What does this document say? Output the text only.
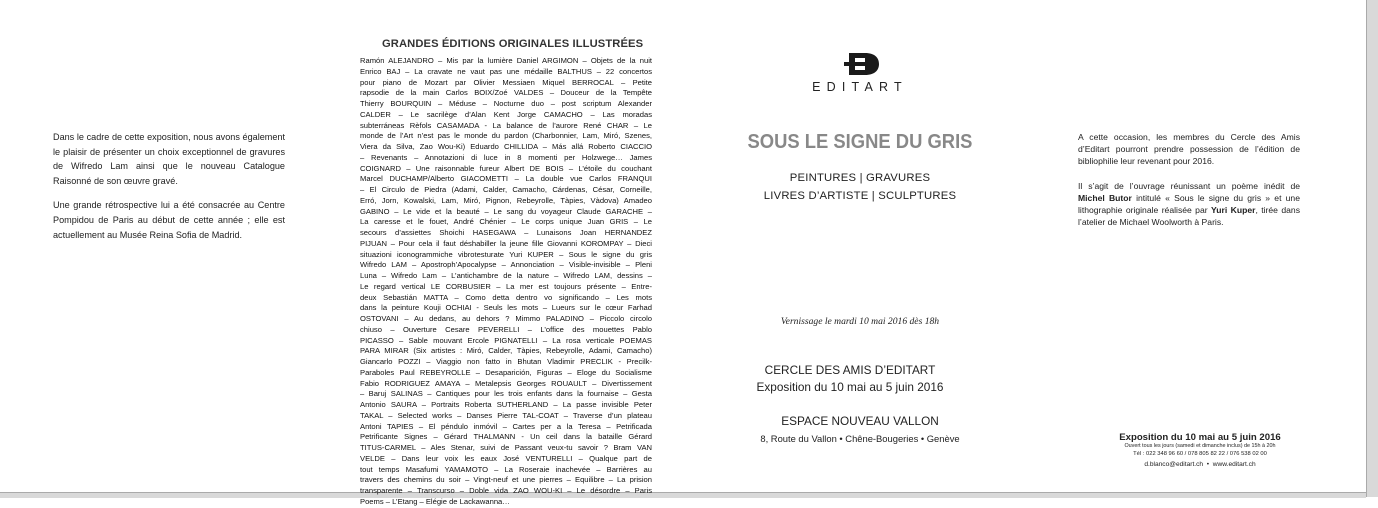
Dans le cadre de cette exposition, nous avons également le plaisir de présenter un choix exceptionnel de gravures de Wifredo Lam ainsi que le nouveau Catalogue Raisonné de son œuvre gravé.

Une grande rétrospective lui a été consacrée au Centre Pompidou de Paris au début de cette année ; elle est actuellement au Musée Reina Sofia de Madrid.

GRANDES ÉDITIONS ORIGINALES ILLUSTRÉES
Ramón ALEJANDRO – Mis par la lumière Daniel ARGIMON – Objets de la nuit
Enrico BAJ – La cravate ne vaut pas une médaille BALTHUS – 22 concertos
pour piano de Mozart par Olivier Messiaen Miquel BERROCAL – Petite
rapsodie de la main Carlos BOIX/Zoé VALDES – Douceur de la Tempête
Thierry BOURQUIN – Méduse – Nocturne duo – post scriptum Alexander
CALDER – Le sacrilège d’Alan Kent Jorge CAMACHO – Las moradas
subterráneas Rèfols CASAMADA - La balance de l’aurore René CHAR – Le
monde de l’Art n’est pas le monde du pardon (Charbonnier, Lam, Miró, Szenes,
Viera da Silva, Zao Wou-Ki) Eduardo CHILLIDA – Más allá Roberto CIACCIO
– Revenants – Annotazioni di luce in 8 momenti per Holzwege… James
COIGNARD – Une raisonnable fureur Albert DE BOIS – L’étoile du couchant
Marcel DUCHAMP/Alberto GIACOMETTI – La double vue Carlos FRANQUI
– El Circulo de Piedra (Adami, Calder, Camacho, Cárdenas, César, Corneille,
Erró, Jorn, Kowalski, Lam, Miró, Pignon, Rebeyrolle, Tàpies, Vàdova) Amadeo
GABINO – Le vide et la beauté – Le sang du voyageur Claude GARACHE –
La caresse et le fouet, André Chénier – Le corps unique Juan GRIS – Le
secours d’assiettes Shoichi HASEGAWA – Lunaisons Joan HERNANDEZ
PIJUAN – Pour cela il faut déshabiller la jeune fille Giovanni KOROMPAY – Dieci
situazioni iconogrammiche vibrotesturate Yuri KUPER – Sous le signe du gris
Wifredo LAM – Apostroph’Apocalypse – Annonciation – Visible-invisible – Pleni
Luna – Wifredo Lam – L’antichambre de la nature – Wifredo LAM, dessins –
Le regard vertical LE CORBUSIER – La mer est toujours présente – Entre-
deux Sebastián MATTA – Como detta dentro vo significando – Les mots
dans la peinture Kouji OCHIAI - Seuls les mots – Lueurs sur le cœur Farhad
OSTOVANI – Au dedans, au dehors ? Mimmo PALADINO – Piccolo circolo
chiuso – Ouverture Cesare PEVERELLI – L’office des mouettes Pablo
PICASSO – Sable mouvant Ercole PIGNATELLI – La rosa verticale POEMAS
PARA MIRAR (Six artistes : Miró, Calder, Tàpies, Rebeyrolle, Adami, Camacho)
Giancarlo POZZI – Viaggio non fatto in Bhutan Vladimir PRECLIK - Precilk-
Paraboles Paul REBEYROLLE – Desaparición, Figuras – Eloge du Socialisme
Fabio RODRIGUEZ AMAYA – Metalepsis Georges ROUAULT – Divertissement
– Baruj SALINAS – Cantiques pour les trois enfants dans la fournaise – Gesta
Antonio SAURA – Portraits Roberta SUTHERLAND – La passe invisible Peter
TAKAL – Selected works – Danses Pierre TAL-COAT – Traverse d’un plateau
Antoni TAPIES – El péndulo inmóvil – Cartes per a la Teresa – Petrificada
Petrificante Signes – Gérard THALMANN - Un ceil dans la bataille Gérard
TITUS-CARMEL – Ales Stenar, suivi de Passant veux-tu savoir ? Bram VAN
VELDE – Dans leur voix les eaux José VENTURELLI – Qualque part de
tout temps Masafumi YAMAMOTO – La Roseraie inachevée – Barrières au
travers des chemins du soir – Vingt-neuf et une pierres – Equilibre – La prision
transparente – Transcurso – Doble vida ZAO WOU-KI – Le désordre – Paris
Poems – L’Etang – Elégie de Lackawanna…
EDITART
SOUS LE SIGNE DU GRIS
PEINTURES | GRAVURES
LIVRES D’ARTISTE | SCULPTURES
Vernissage le mardi 10 mai 2016 dès 18h
CERCLE DES AMIS D’EDITART
Exposition du 10 mai au 5 juin 2016
ESPACE NOUVEAU VALLON
8, Route du Vallon • Chêne-Bougeries • Genève

A cette occasion, les membres du Cercle des Amis d’Editart pourront prendre possession de l’édition de bibliophilie leur revenant pour 2016.

Il s’agit de l’ouvrage réunissant un poème inédit de Michel Butor intitulé « Sous le signe du gris » et une lithographie originale réalisée par Yuri Kuper, tirée dans l’atelier de Michael Woolworth à Paris.

Exposition du 10 mai au 5 juin 2016
Ouvert tous les jours (samedi et dimanche inclus) de 15h à 20h
Tél : 022 348 96 60 / 078 805 82 22 / 076 538 02 00
d.blanco@editart.ch  •  www.editart.ch
